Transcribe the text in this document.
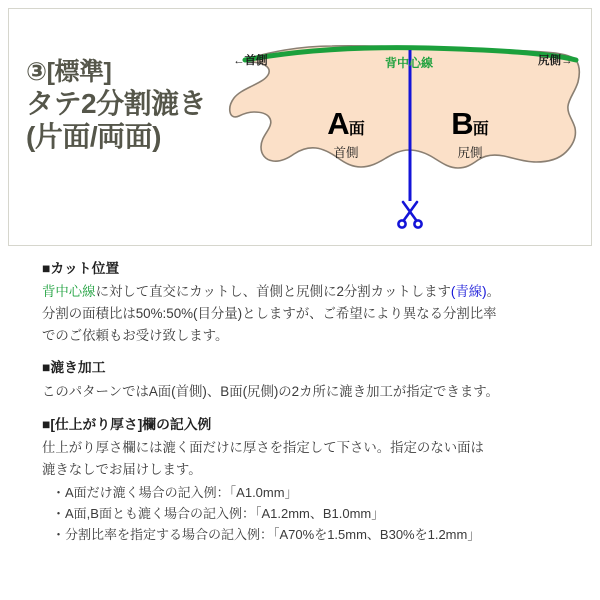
③[標準]
タテ2分割漉き
(片面/両面)
←首側	尻側→
背中心線
A面
首側
B面
尻側
■カット位置
背中心線に対して直交にカットし、首側と尻側に2分割カットします(青線)。
分割の面積比は50%:50%(目分量)としますが、ご希望により異なる分割比率
でのご依頼もお受け致します。
■漉き加工
このパターンではA面(首側)、B面(尻側)の2カ所に漉き加工が指定できます。
■[仕上がり厚さ]欄の記入例
仕上がり厚さ欄には漉く面だけに厚さを指定して下さい。指定のない面は
漉きなしでお届けします。
・A面だけ漉く場合の記入例：「A1.0mm」
・A面,B面とも漉く場合の記入例：「A1.2mm、B1.0mm」
・分割比率を指定する場合の記入例：「A70%を1.5mm、B30%を1.2mm」
